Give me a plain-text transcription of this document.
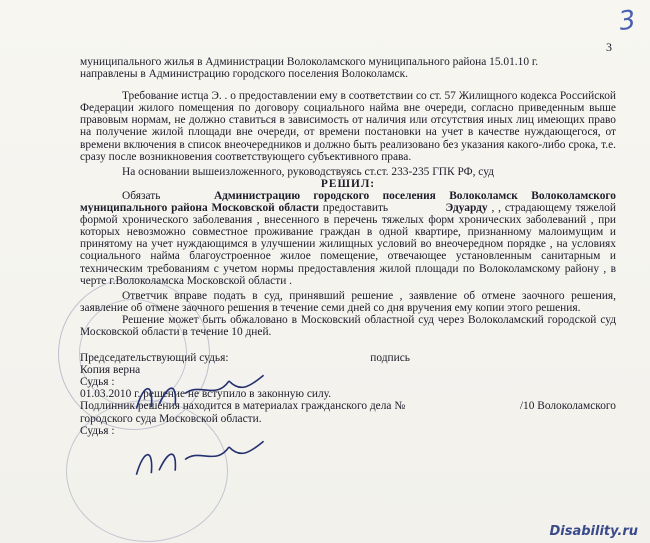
3
3

муниципального жилья в Администрации Волоколамского муниципального района 15.01.10 г.

направлены в Администрацию городского поселения Волоколамск.

Требование истца Э. . о предоставлении ему в соответствии со ст. 57 Жилищного кодекса Российской Федерации жилого помещения по договору социального найма вне очереди, согласно приведенным выше правовым нормам, не должно ставиться в зависимость от наличия или отсутствия иных лиц имеющих право на получение жилой площади вне очереди, от времени постановки на учет в качестве нуждающегося, от времени включения в список внеочередников и должно быть реализовано без указания какого-либо срока, т.е. сразу после возникновения соответствующего субъективного права.

На основании вышеизложенного, руководствуясь ст.ст. 233-235 ГПК РФ, суд

РЕШИЛ:

Обязать	Администрацию городского поселения Волоколамск Волоколамского муниципального района Московской области предоставить	Эдуарду , , страдающему тяжелой формой хронического заболевания , внесенного в перечень тяжелых форм хронических заболеваний , при которых невозможно совместное проживание граждан в одной квартире, признанному малоимущим и принятому на учет нуждающимся в улучшении жилищных условий во внеочередном порядке , на условиях социального найма благоустроенное жилое помещение, отвечающее установленным санитарным и техническим требованиям с учетом нормы предоставления жилой площади по Волоколамскому району , в черте г.Волоколамска Московской области .

Ответчик вправе подать в суд, принявший решение , заявление об отмене заочного решения, заявление об отмене заочного решения в течение семи дней со дня вручения ему копии этого решения.

Решение может быть обжаловано в Московский областной суд через Волоколамский городской суд Московской области в течение 10 дней.

Председательствующий судья:	подпись

Копия верна

Судья :

01.03.2010 г. решение не вступило в законную силу.

Подлинник решения находится в материалах гражданского дела №	/10 Волоколамского

городского суда Московской области.

Судья :

Disability.ru
